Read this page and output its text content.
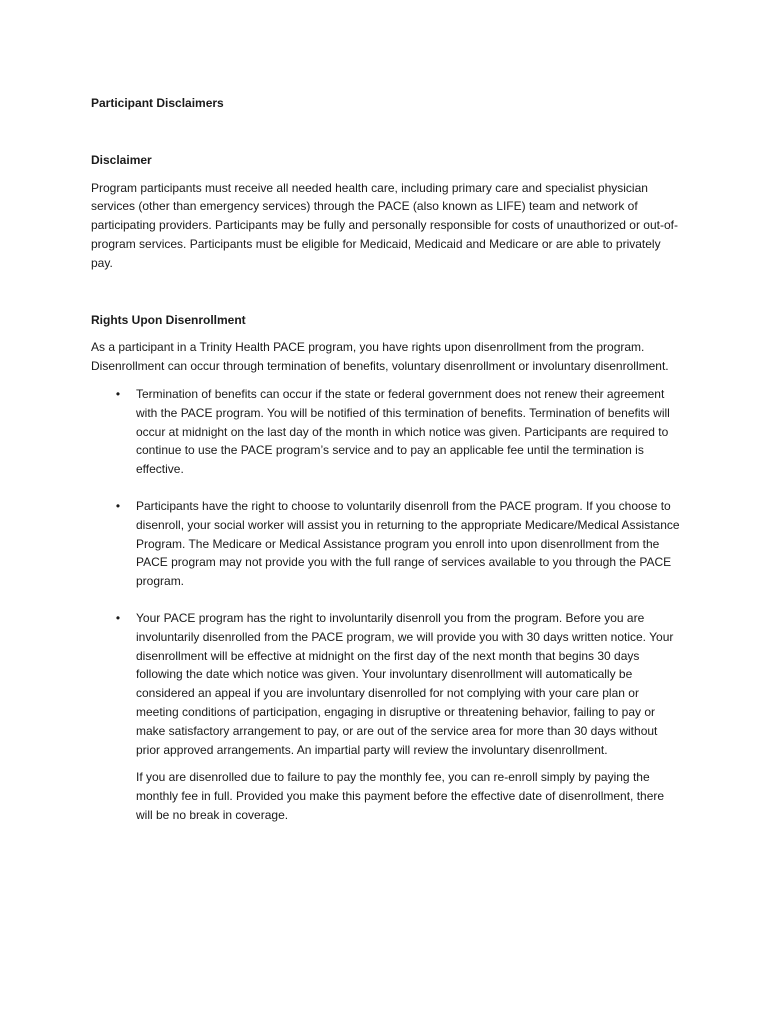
Participant Disclaimers

Disclaimer

Program participants must receive all needed health care, including primary care and specialist physician services (other than emergency services) through the PACE (also known as LIFE) team and network of participating providers. Participants may be fully and personally responsible for costs of unauthorized or out-of-program services. Participants must be eligible for Medicaid, Medicaid and Medicare or are able to privately pay.

Rights Upon Disenrollment

As a participant in a Trinity Health PACE program, you have rights upon disenrollment from the program. Disenrollment can occur through termination of benefits, voluntary disenrollment or involuntary disenrollment.

• Termination of benefits can occur if the state or federal government does not renew their agreement with the PACE program. You will be notified of this termination of benefits. Termination of benefits will occur at midnight on the last day of the month in which notice was given. Participants are required to continue to use the PACE program’s service and to pay an applicable fee until the termination is effective.
• Participants have the right to choose to voluntarily disenroll from the PACE program. If you choose to disenroll, your social worker will assist you in returning to the appropriate Medicare/Medical Assistance Program. The Medicare or Medical Assistance program you enroll into upon disenrollment from the PACE program may not provide you with the full range of services available to you through the PACE program.
• Your PACE program has the right to involuntarily disenroll you from the program. Before you are involuntarily disenrolled from the PACE program, we will provide you with 30 days written notice. Your disenrollment will be effective at midnight on the first day of the next month that begins 30 days following the date which notice was given. Your involuntary disenrollment will automatically be considered an appeal if you are involuntary disenrolled for not complying with your care plan or meeting conditions of participation, engaging in disruptive or threatening behavior, failing to pay or make satisfactory arrangement to pay, or are out of the service area for more than 30 days without prior approved arrangements. An impartial party will review the involuntary disenrollment.

If you are disenrolled due to failure to pay the monthly fee, you can re-enroll simply by paying the monthly fee in full. Provided you make this payment before the effective date of disenrollment, there will be no break in coverage.
